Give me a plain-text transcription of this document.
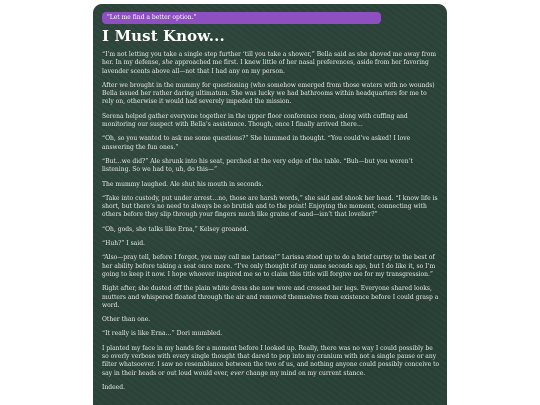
"Let me find a better option."
I Must Know...

“I’m not letting you take a single step further ‘till you take a shower,” Bella said as she shoved me away from her. In my defense, she approached me first. I knew little of her nasal preferences, aside from her favoring lavender scents above all—not that I had any on my person.

After we brought in the mummy for questioning (who somehow emerged from those waters with no wounds) Bella issued her rather daring ultimatum. She was lucky we had bathrooms within headquarters for me to rely on, otherwise it would had severely impeded the mission.

Serena helped gather everyone together in the upper floor conference room, along with cuffing and monitoring our suspect with Bella’s assistance. Though, once I finally arrived there…

“Oh, so you wanted to ask me some questions?” She hummed in thought. “You could’ve asked! I love answering the fun ones.”

“But…we did?” Ale shrunk into his seat, perched at the very edge of the table. “Buh—but you weren’t listening. So we had to, uh, do this—”

The mummy laughed. Ale shut his mouth in seconds.

“Take into custody, put under arrest…no, those are harsh words,” she said and shook her head. “I know life is short, but there’s no need to always be so brutish and to the point! Enjoying the moment, connecting with others before they slip through your fingers much like grains of sand—isn’t that lovelier?”

“Oh, gods, she talks like Erna,” Kelsey groaned.

“Huh?” I said.

“Also—pray tell, before I forgot, you may call me Larissa!” Larissa stood up to do a brief curtsy to the best of her ability before taking a seat once more. “I’ve only thought of my name seconds ago, but I do like it, so I’m going to keep it now. I hope whoever inspired me so to claim this title will forgive me for my transgression.”

Right after, she dusted off the plain white dress she now wore and crossed her legs. Everyone shared looks, mutters and whispered floated through the air and removed themselves from existence before I could grasp a word.

Other than one.

“It really is like Erna…” Dori mumbled.

I planted my face in my hands for a moment before I looked up. Really, there was no way I could possibly be so overly verbose with every single thought that dared to pop into my cranium with not a single pause or any filter whatsoever. I saw no resemblance between the two of us, and nothing anyone could possibly conceive to say in their heads or out loud would ever, ever change my mind on my current stance.

Indeed.
